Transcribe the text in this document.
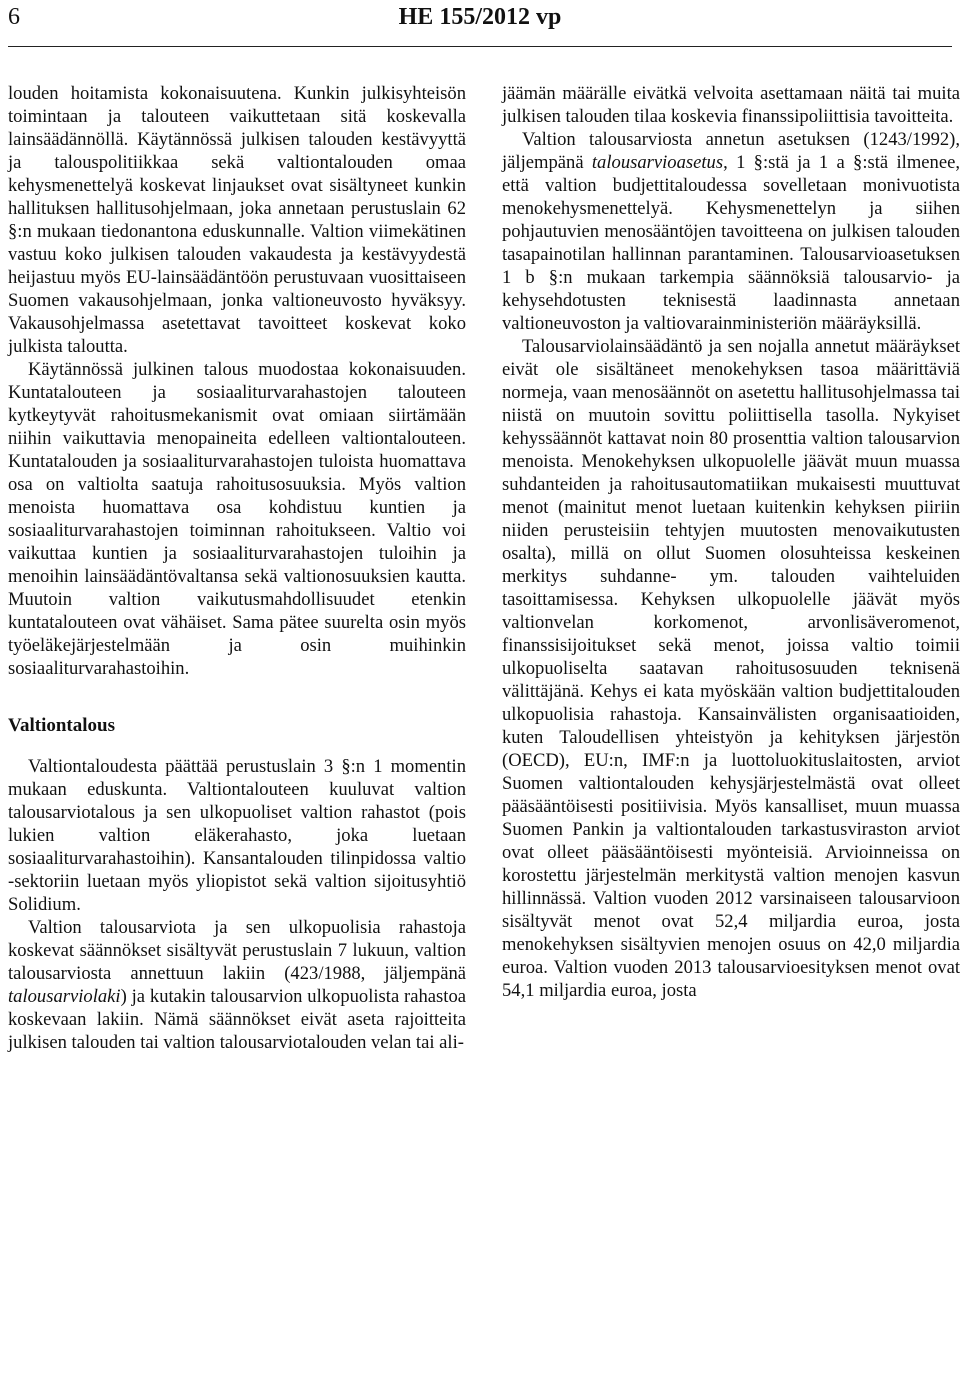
6	HE 155/2012 vp

louden hoitamista kokonaisuutena. Kunkin julkisyhteisön toimintaan ja talouteen vaikuttetaan sitä koskevalla lainsäädännöllä. Käytännössä julkisen talouden kestävyyttä ja talouspolitiikkaa sekä valtiontalouden omaa kehysmenettelyä koskevat linjaukset ovat sisältyneet kunkin hallituksen hallitusohjelmaan, joka annetaan perustuslain 62 §:n mukaan tiedonantona eduskunnalle. Valtion viimekätinen vastuu koko julkisen talouden vakaudesta ja kestävyydestä heijastuu myös EU-lainsäädäntöön perustuvaan vuosittaiseen Suomen vakausohjelmaan, jonka valtioneuvosto hyväksyy. Vakausohjelmassa asetettavat tavoitteet koskevat koko julkista taloutta.

Käytännössä julkinen talous muodostaa kokonaisuuden. Kuntatalouteen ja sosiaaliturvarahastojen talouteen kytkeytyvät rahoitusmekanismit ovat omiaan siirtämään niihin vaikuttavia menopaineita edelleen valtiontalouteen. Kuntatalouden ja sosiaaliturvarahastojen tuloista huomattava osa on valtiolta saatuja rahoitusosuuksia. Myös valtion menoista huomattava osa kohdistuu kuntien ja sosiaaliturvarahastojen toiminnan rahoitukseen. Valtio voi vaikuttaa kuntien ja sosiaaliturvarahastojen tuloihin ja menoihin lainsäädäntövaltansa sekä valtionosuuksien kautta. Muutoin valtion vaikutusmahdollisuudet etenkin kuntatalouteen ovat vähäiset. Sama pätee suurelta osin myös työeläkejärjestelmään ja osin muihinkin sosiaaliturvarahastoihin.

Valtiontalous

Valtiontaloudesta päättää perustuslain 3 §:n 1 momentin mukaan eduskunta. Valtiontalouteen kuuluvat valtion talousarviotalous ja sen ulkopuoliset valtion rahastot (pois lukien valtion eläkerahasto, joka luetaan sosiaaliturvarahastoihin). Kansantalouden tilinpidossa valtio -sektoriin luetaan myös yliopistot sekä valtion sijoitusyhtiö Solidium.

Valtion talousarviota ja sen ulkopuolisia rahastoja koskevat säännökset sisältyvät perustuslain 7 lukuun, valtion talousarviosta annettuun lakiin (423/1988, jäljempänä talousarviolaki) ja kutakin talousarvion ulkopuolista rahastoa koskevaan lakiin. Nämä säännökset eivät aseta rajoitteita julkisen talouden tai valtion talousarviotalouden velan tai ali-

jäämän määrälle eivätkä velvoita asettamaan näitä tai muita julkisen talouden tilaa koskevia finanssipoliittisia tavoitteita.

Valtion talousarviosta annetun asetuksen (1243/1992), jäljempänä talousarvioasetus, 1 §:stä ja 1 a §:stä ilmenee, että valtion budjettitaloudessa sovelletaan monivuotista menokehysmenettelyä. Kehysmenettelyn ja siihen pohjautuvien menosääntöjen tavoitteena on julkisen talouden tasapainotilan hallinnan parantaminen. Talousarvioasetuksen 1 b §:n mukaan tarkempia säännöksiä talousarvio- ja kehysehdotusten teknisestä laadinnasta annetaan valtioneuvoston ja valtiovarainministeriön määräyksillä.

Talousarviolainsäädäntö ja sen nojalla annetut määräykset eivät ole sisältäneet menokehyksen tasoa määrittäviä normeja, vaan menosäännöt on asetettu hallitusohjelmassa tai niistä on muutoin sovittu poliittisella tasolla. Nykyiset kehyssäännöt kattavat noin 80 prosenttia valtion talousarvion menoista. Menokehyksen ulkopuolelle jäävät muun muassa suhdanteiden ja rahoitusautomatiikan mukaisesti muuttuvat menot (mainitut menot luetaan kuitenkin kehyksen piiriin niiden perusteisiin tehtyjen muutosten menovaikutusten osalta), millä on ollut Suomen olosuhteissa keskeinen merkitys suhdanne- ym. talouden vaihteluiden tasoittamisessa. Kehyksen ulkopuolelle jäävät myös valtionvelan korkomenot, arvonlisäveromenot, finanssisijoitukset sekä menot, joissa valtio toimii ulkopuoliselta saatavan rahoitusosuuden teknisenä välittäjänä. Kehys ei kata myöskään valtion budjettitalouden ulkopuolisia rahastoja. Kansainvälisten organisaatioiden, kuten Taloudellisen yhteistyön ja kehityksen järjestön (OECD), EU:n, IMF:n ja luottoluokituslaitosten, arviot Suomen valtiontalouden kehysjärjestelmästä ovat olleet pääsääntöisesti positiivisia. Myös kansalliset, muun muassa Suomen Pankin ja valtiontalouden tarkastusviraston arviot ovat olleet pääsääntöisesti myönteisiä. Arvioinneissa on korostettu järjestelmän merkitystä valtion menojen kasvun hillinnässä. Valtion vuoden 2012 varsinaiseen talousarvioon sisältyvät menot ovat 52,4 miljardia euroa, josta menokehyksen sisältyvien menojen osuus on 42,0 miljardia euroa. Valtion vuoden 2013 talousarvioesityksen menot ovat 54,1 miljardia euroa, josta
